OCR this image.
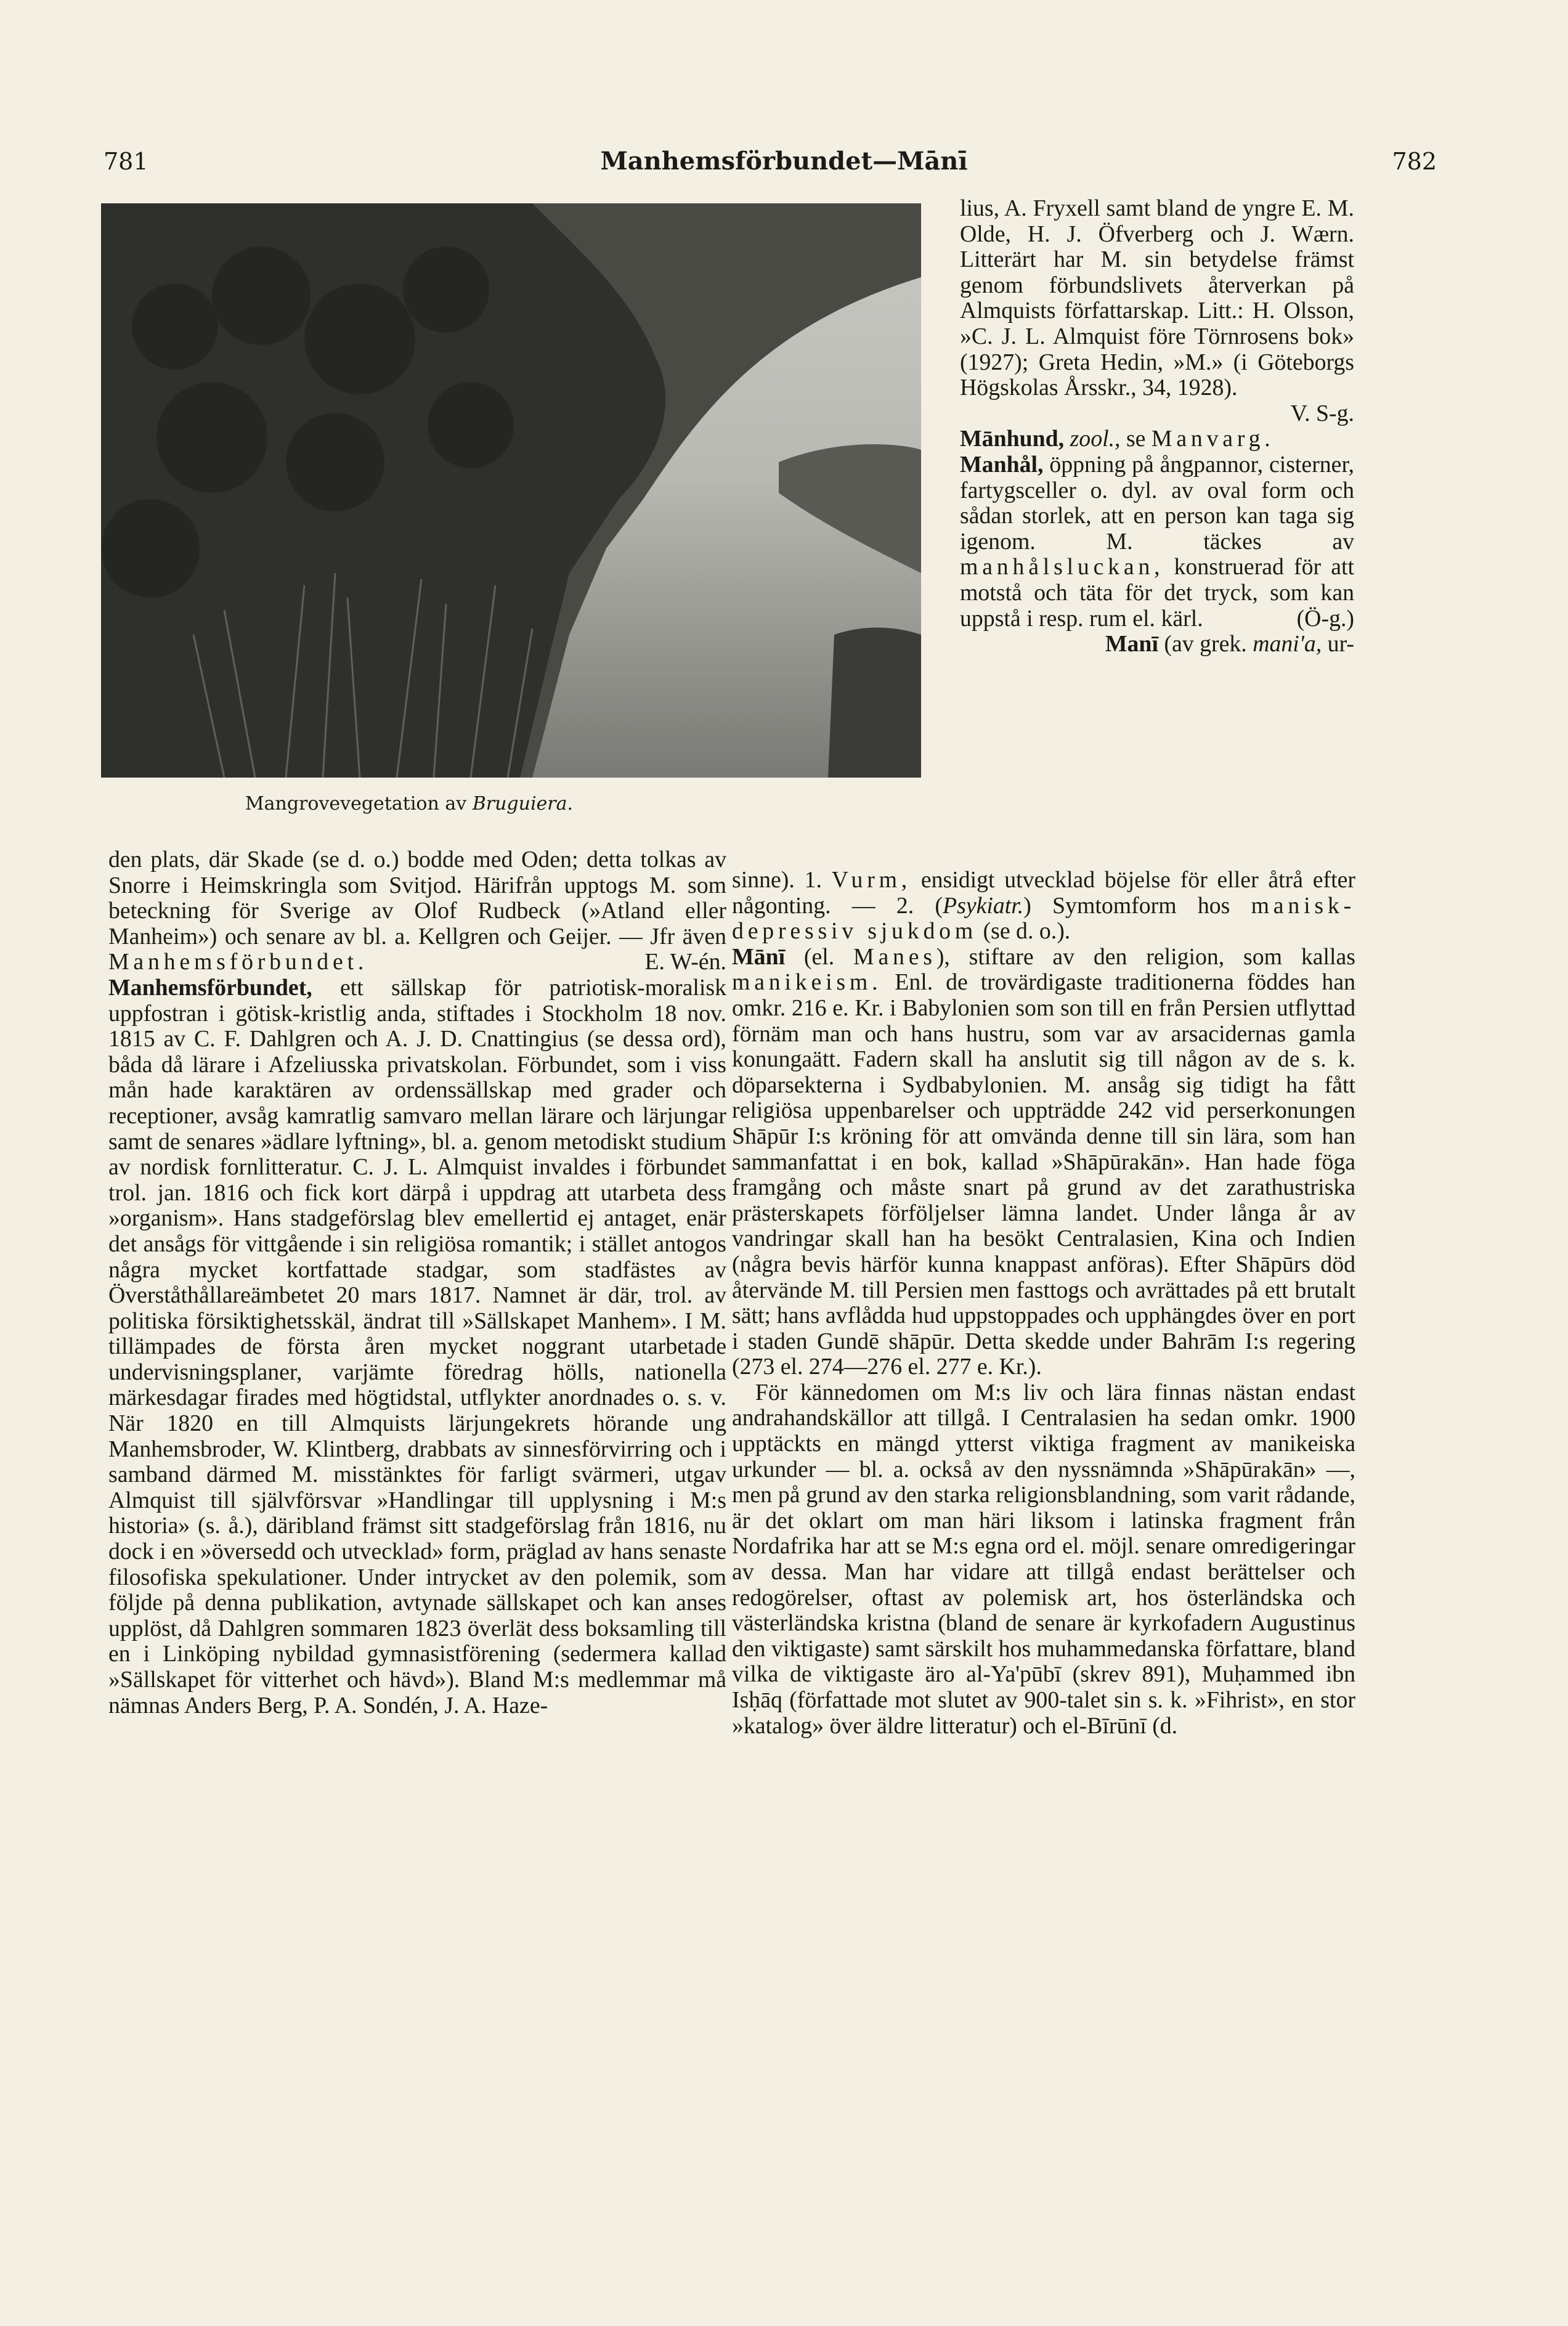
781	Manhemsförbundet—Mānī	782
Mangrovevegetation av Bruguiera.

lius, A. Fryxell samt bland de yngre E. M. Olde, H. J. Öfverberg och J. Wærn. Litterärt har M. sin betydelse främst genom förbundslivets återverkan på Almquists författarskap. Litt.: H. Olsson, »C. J. L. Almquist före Törnrosens bok» (1927); Greta Hedin, »M.» (i Göteborgs Högskolas Årsskr., 34, 1928).
V. S-g.

Mānhund, zool., se Manvarg.

Manhål, öppning på ångpannor, cisterner, fartygsceller o. dyl. av oval form och sådan storlek, att en person kan taga sig igenom. M. täckes av manhålsluckan, konstruerad för att motstå och täta för det tryck, som kan uppstå i resp. rum el. kärl.	(Ö-g.)

Manī (av grek. mani'a, ur-

den plats, där Skade (se d. o.) bodde med Oden; detta tolkas av Snorre i Heimskringla som Svitjod. Härifrån upptogs M. som beteckning för Sverige av Olof Rudbeck (»Atland eller Manheim») och senare av bl. a. Kellgren och Geijer. — Jfr även Manhemsförbundet.	E. W-én.

Manhemsförbundet, ett sällskap för patriotisk-moralisk uppfostran i götisk-kristlig anda, stiftades i Stockholm 18 nov. 1815 av C. F. Dahlgren och A. J. D. Cnattingius (se dessa ord), båda då lärare i Afzeliusska privatskolan. Förbundet, som i viss mån hade karaktären av ordenssällskap med grader och receptioner, avsåg kamratlig samvaro mellan lärare och lärjungar samt de senares »ädlare lyftning», bl. a. genom metodiskt studium av nordisk fornlitteratur. C. J. L. Almquist invaldes i förbundet trol. jan. 1816 och fick kort därpå i uppdrag att utarbeta dess »organism». Hans stadgeförslag blev emellertid ej antaget, enär det ansågs för vittgående i sin religiösa romantik; i stället antogos några mycket kortfattade stadgar, som stadfästes av Överståthållareämbetet 20 mars 1817. Namnet är där, trol. av politiska försiktighetsskäl, ändrat till »Sällskapet Manhem». I M. tillämpades de första åren mycket noggrant utarbetade undervisningsplaner, varjämte föredrag hölls, nationella märkesdagar firades med högtidstal, utflykter anordnades o. s. v. När 1820 en till Almquists lärjungekrets hörande ung Manhemsbroder, W. Klintberg, drabbats av sinnesförvirring och i samband därmed M. misstänktes för farligt svärmeri, utgav Almquist till självförsvar »Handlingar till upplysning i M:s historia» (s. å.), däribland främst sitt stadgeförslag från 1816, nu dock i en »översedd och utvecklad» form, präglad av hans senaste filosofiska spekulationer. Under intrycket av den polemik, som följde på denna publikation, avtynade sällskapet och kan anses upplöst, då Dahlgren sommaren 1823 överlät dess boksamling till en i Linköping nybildad gymnasistförening (sedermera kallad »Sällskapet för vitterhet och hävd»). Bland M:s medlemmar må nämnas Anders Berg, P. A. Sondén, J. A. Haze-

sinne). 1. Vurm, ensidigt utvecklad böjelse för eller åtrå efter någonting. — 2. (Psykiatr.) Symtomform hos manisk-depressiv sjukdom (se d. o.).

Mānī (el. Manes), stiftare av den religion, som kallas manikeism. Enl. de trovärdigaste traditionerna föddes han omkr. 216 e. Kr. i Babylonien som son till en från Persien utflyttad förnäm man och hans hustru, som var av arsacidernas gamla konungaätt. Fadern skall ha anslutit sig till någon av de s. k. döparsekterna i Sydbabylonien. M. ansåg sig tidigt ha fått religiösa uppenbarelser och uppträdde 242 vid perserkonungen Shāpūr I:s kröning för att omvända denne till sin lära, som han sammanfattat i en bok, kallad »Shāpūrakān». Han hade föga framgång och måste snart på grund av det zarathustriska prästerskapets förföljelser lämna landet. Under långa år av vandringar skall han ha besökt Centralasien, Kina och Indien (några bevis härför kunna knappast anföras). Efter Shāpūrs död återvände M. till Persien men fasttogs och avrättades på ett brutalt sätt; hans avflådda hud uppstoppades och upphängdes över en port i staden Gundē shāpūr. Detta skedde under Bahrām I:s regering (273 el. 274—276 el. 277 e. Kr.).

För kännedomen om M:s liv och lära finnas nästan endast andrahandskällor att tillgå. I Centralasien ha sedan omkr. 1900 upptäckts en mängd ytterst viktiga fragment av manikeiska urkunder — bl. a. också av den nyssnämnda »Shāpūrakān» —, men på grund av den starka religionsblandning, som varit rådande, är det oklart om man häri liksom i latinska fragment från Nordafrika har att se M:s egna ord el. möjl. senare omredigeringar av dessa. Man har vidare att tillgå endast berättelser och redogörelser, oftast av polemisk art, hos österländska och västerländska kristna (bland de senare är kyrkofadern Augustinus den viktigaste) samt särskilt hos muhammedanska författare, bland vilka de viktigaste äro al-Ya'pūbī (skrev 891), Muḥammed ibn Isḥāq (författade mot slutet av 900-talet sin s. k. »Fihrist», en stor »katalog» över äldre litteratur) och el-Bīrūnī (d.
